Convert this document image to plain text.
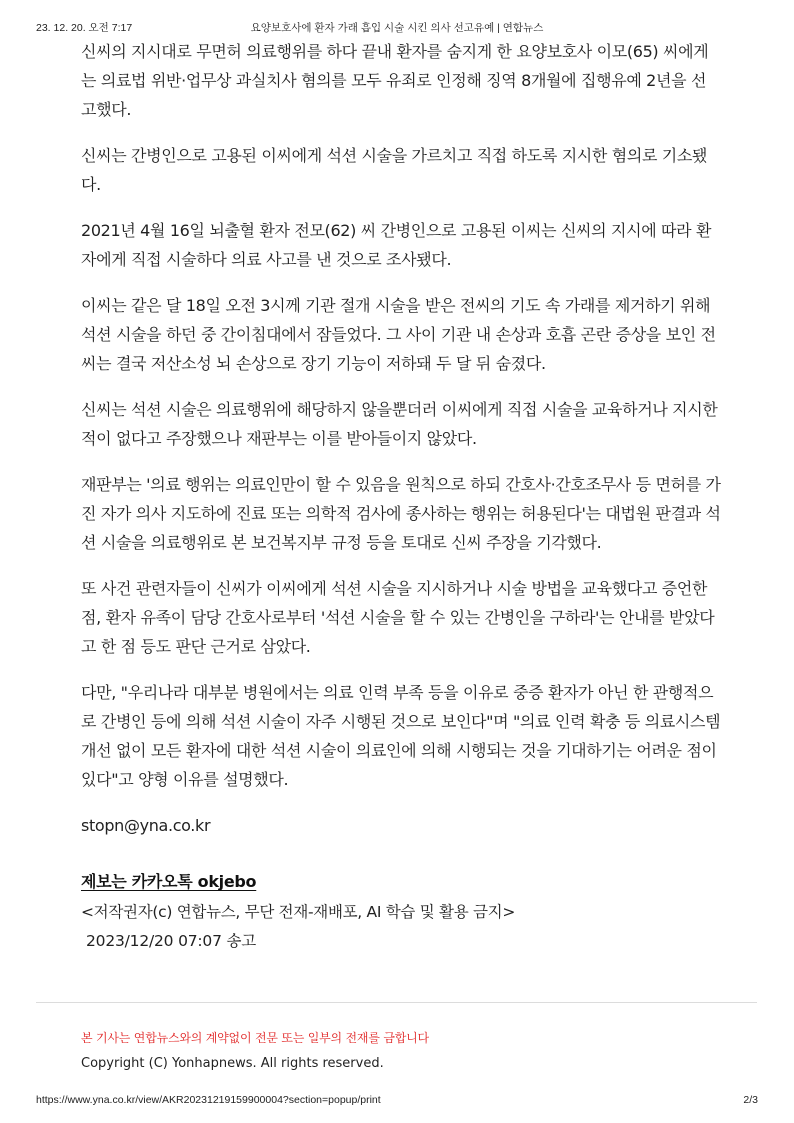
23. 12. 20. 오전 7:17	요양보호사에 환자 가래 흡입 시술 시킨 의사 선고유예 | 연합뉴스

신씨의 지시대로 무면허 의료행위를 하다 끝내 환자를 숨지게 한 요양보호사 이모(65) 씨에게는 의료법 위반·업무상 과실치사 혐의를 모두 유죄로 인정해 징역 8개월에 집행유예 2년을 선고했다.

신씨는 간병인으로 고용된 이씨에게 석션 시술을 가르치고 직접 하도록 지시한 혐의로 기소됐다.

2021년 4월 16일 뇌출혈 환자 전모(62) 씨 간병인으로 고용된 이씨는 신씨의 지시에 따라 환자에게 직접 시술하다 의료 사고를 낸 것으로 조사됐다.

이씨는 같은 달 18일 오전 3시께 기관 절개 시술을 받은 전씨의 기도 속 가래를 제거하기 위해 석션 시술을 하던 중 간이침대에서 잠들었다. 그 사이 기관 내 손상과 호흡 곤란 증상을 보인 전씨는 결국 저산소성 뇌 손상으로 장기 기능이 저하돼 두 달 뒤 숨졌다.

신씨는 석션 시술은 의료행위에 해당하지 않을뿐더러 이씨에게 직접 시술을 교육하거나 지시한 적이 없다고 주장했으나 재판부는 이를 받아들이지 않았다.

재판부는 '의료 행위는 의료인만이 할 수 있음을 원칙으로 하되 간호사·간호조무사 등 면허를 가진 자가 의사 지도하에 진료 또는 의학적 검사에 종사하는 행위는 허용된다'는 대법원 판결과 석션 시술을 의료행위로 본 보건복지부 규정 등을 토대로 신씨 주장을 기각했다.

또 사건 관련자들이 신씨가 이씨에게 석션 시술을 지시하거나 시술 방법을 교육했다고 증언한 점, 환자 유족이 담당 간호사로부터 '석션 시술을 할 수 있는 간병인을 구하라'는 안내를 받았다고 한 점 등도 판단 근거로 삼았다.

다만, "우리나라 대부분 병원에서는 의료 인력 부족 등을 이유로 중증 환자가 아닌 한 관행적으로 간병인 등에 의해 석션 시술이 자주 시행된 것으로 보인다"며 "의료 인력 확충 등 의료시스템 개선 없이 모든 환자에 대한 석션 시술이 의료인에 의해 시행되는 것을 기대하기는 어려운 점이 있다"고 양형 이유를 설명했다.

stopn@yna.co.kr

제보는 카카오톡 okjebo
<저작권자(c) 연합뉴스, 무단 전재-재배포, AI 학습 및 활용 금지>
2023/12/20 07:07 송고
본 기사는 연합뉴스와의 계약없이 전문 또는 일부의 전재를 금합니다
Copyright (C) Yonhapnews. All rights reserved.
https://www.yna.co.kr/view/AKR20231219159900004?section=popup/print	2/3
